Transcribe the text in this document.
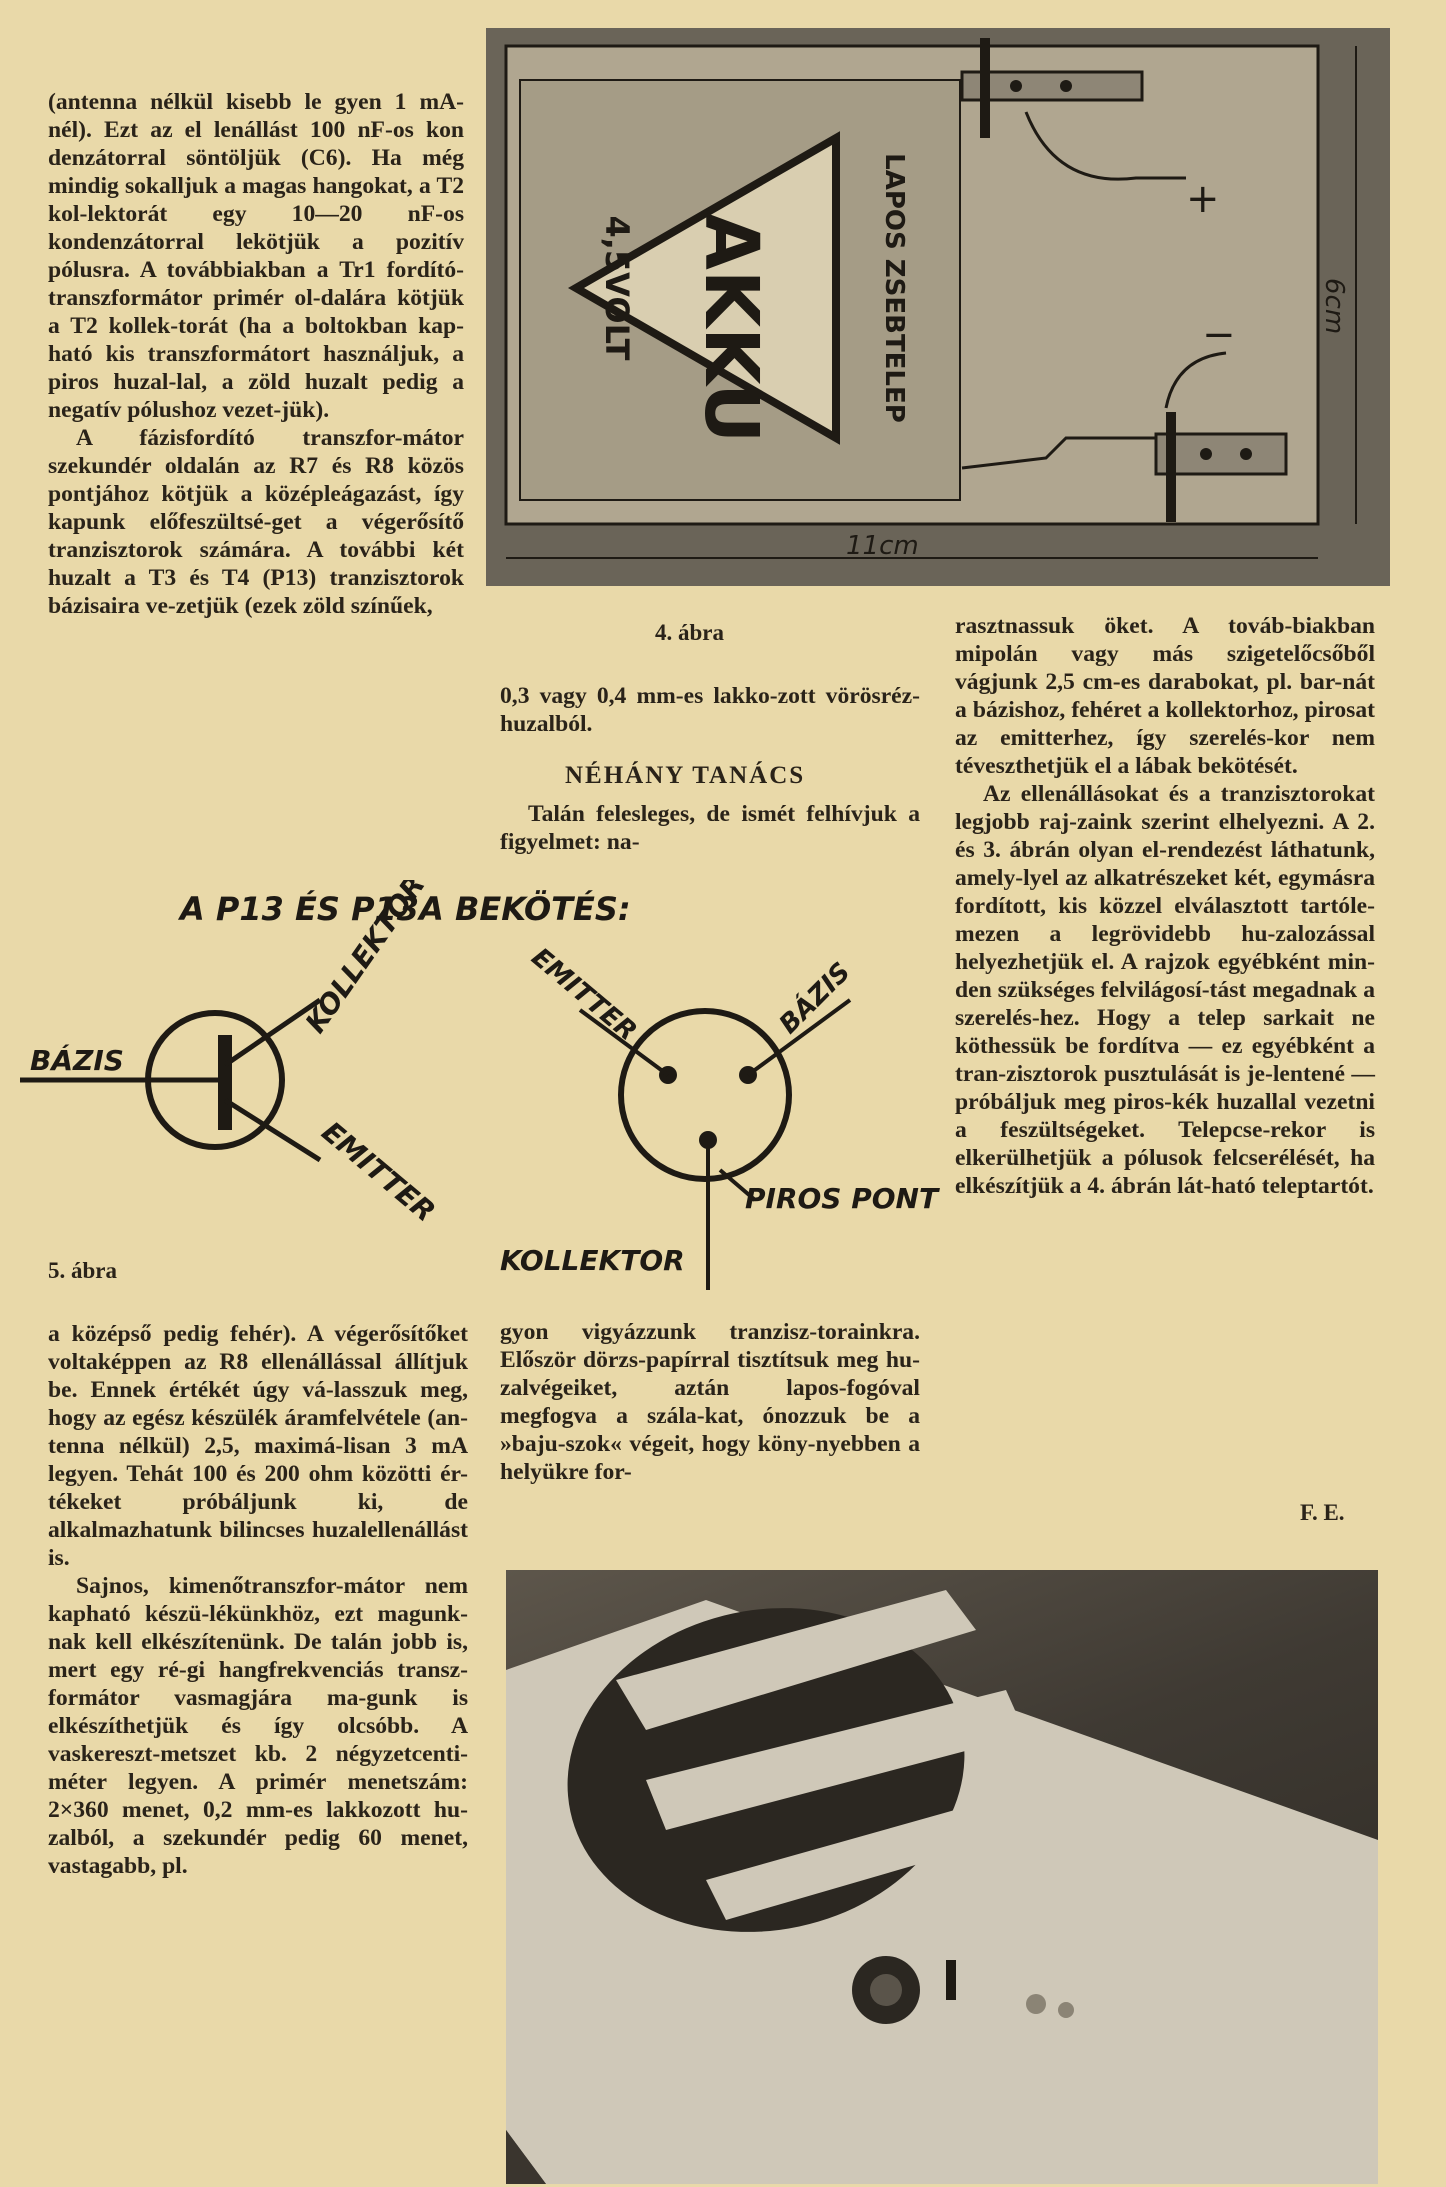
(antenna nélkül kisebb le gyen 1 mA-nél). Ezt az el lenállást 100 nF-os kon denzátorral söntöljük (C6). Ha még mindig sokalljuk a magas hangokat, a T2 kol-lektorát egy 10—20 nF-os kondenzátorral lekötjük a pozitív pólusra. A továbbiakban a Tr1 fordító-transzformátor primér ol-dalára kötjük a T2 kollek-torát (ha a boltokban kap-ható kis transzformátort használjuk, a piros huzal-lal, a zöld huzalt pedig a negatív pólushoz vezet-jük).

A fázisfordító transzfor-mátor szekundér oldalán az R7 és R8 közös pontjához kötjük a középleágazást, így kapunk előfeszültsé-get a végerősítő tranzisztorok számára. A további két huzalt a T3 és T4 (P13) tranzisztorok bázisaira ve-zetjük (ezek zöld színűek,

AKKU
4,5VOLT	LAPOS ZSEBTELEP	+
−
11cm
6cm
4. ábra

0,3 vagy 0,4 mm-es lakko-zott vörösréz-huzalból.

NÉHÁNY TANÁCS

Talán felesleges, de ismét felhívjuk a figyelmet: na-

rasztnassuk öket. A továb-biakban mipolán vagy más szigetelőcsőből vágjunk 2,5 cm-es darabokat, pl. bar-nát a bázishoz, fehéret a kollektorhoz, pirosat az emitterhez, így szerelés-kor nem téveszthetjük el a lábak bekötését.

Az ellenállásokat és a tranzisztorokat legjobb raj-zaink szerint elhelyezni. A 2. és 3. ábrán olyan el-rendezést láthatunk, amely-lyel az alkatrészeket két, egymásra fordított, kis közzel elválasztott tartóle-mezen a legrövidebb hu-zalozással helyezhetjük el. A rajzok egyébként min-den szükséges felvilágosí-tást megadnak a szerelés-hez. Hogy a telep sarkait ne köthessük be fordítva — ez egyébként a tran-zisztorok pusztulását is je-lentené — próbáljuk meg piros-kék huzallal vezetni a feszültségeket. Telepcse-rekor is elkerülhetjük a pólusok felcserélését, ha elkészítjük a 4. ábrán lát-ható teleptartót.

F. E.
A P13 ÉS P13A BEKÖTÉS:
BÁZIS
KOLLEKTOR
EMITTER
EMITTER	BÁZIS
PIROS PONT
KOLLEKTOR
5. ábra

a középső pedig fehér). A végerősítőket voltaképpen az R8 ellenállással állítjuk be. Ennek értékét úgy vá-lasszuk meg, hogy az egész készülék áramfelvétele (an-tenna nélkül) 2,5, maximá-lisan 3 mA legyen. Tehát 100 és 200 ohm közötti ér-tékeket próbáljunk ki, de alkalmazhatunk bilincses huzalellenállást is.

Sajnos, kimenőtranszfor-mátor nem kapható készü-lékünkhöz, ezt magunk-nak kell elkészítenünk. De talán jobb is, mert egy ré-gi hangfrekvenciás transz-formátor vasmagjára ma-gunk is elkészíthetjük és így olcsóbb. A vaskereszt-metszet kb. 2 négyzetcenti-méter legyen. A primér menetszám: 2×360 menet, 0,2 mm-es lakkozott hu-zalból, a szekundér pedig 60 menet, vastagabb, pl.

gyon vigyázzunk tranzisz-torainkra. Először dörzs-papírral tisztítsuk meg hu-zalvégeiket, aztán lapos-fogóval megfogva a szála-kat, ónozzuk be a »baju-szok« végeit, hogy köny-nyebben a helyükre for-
